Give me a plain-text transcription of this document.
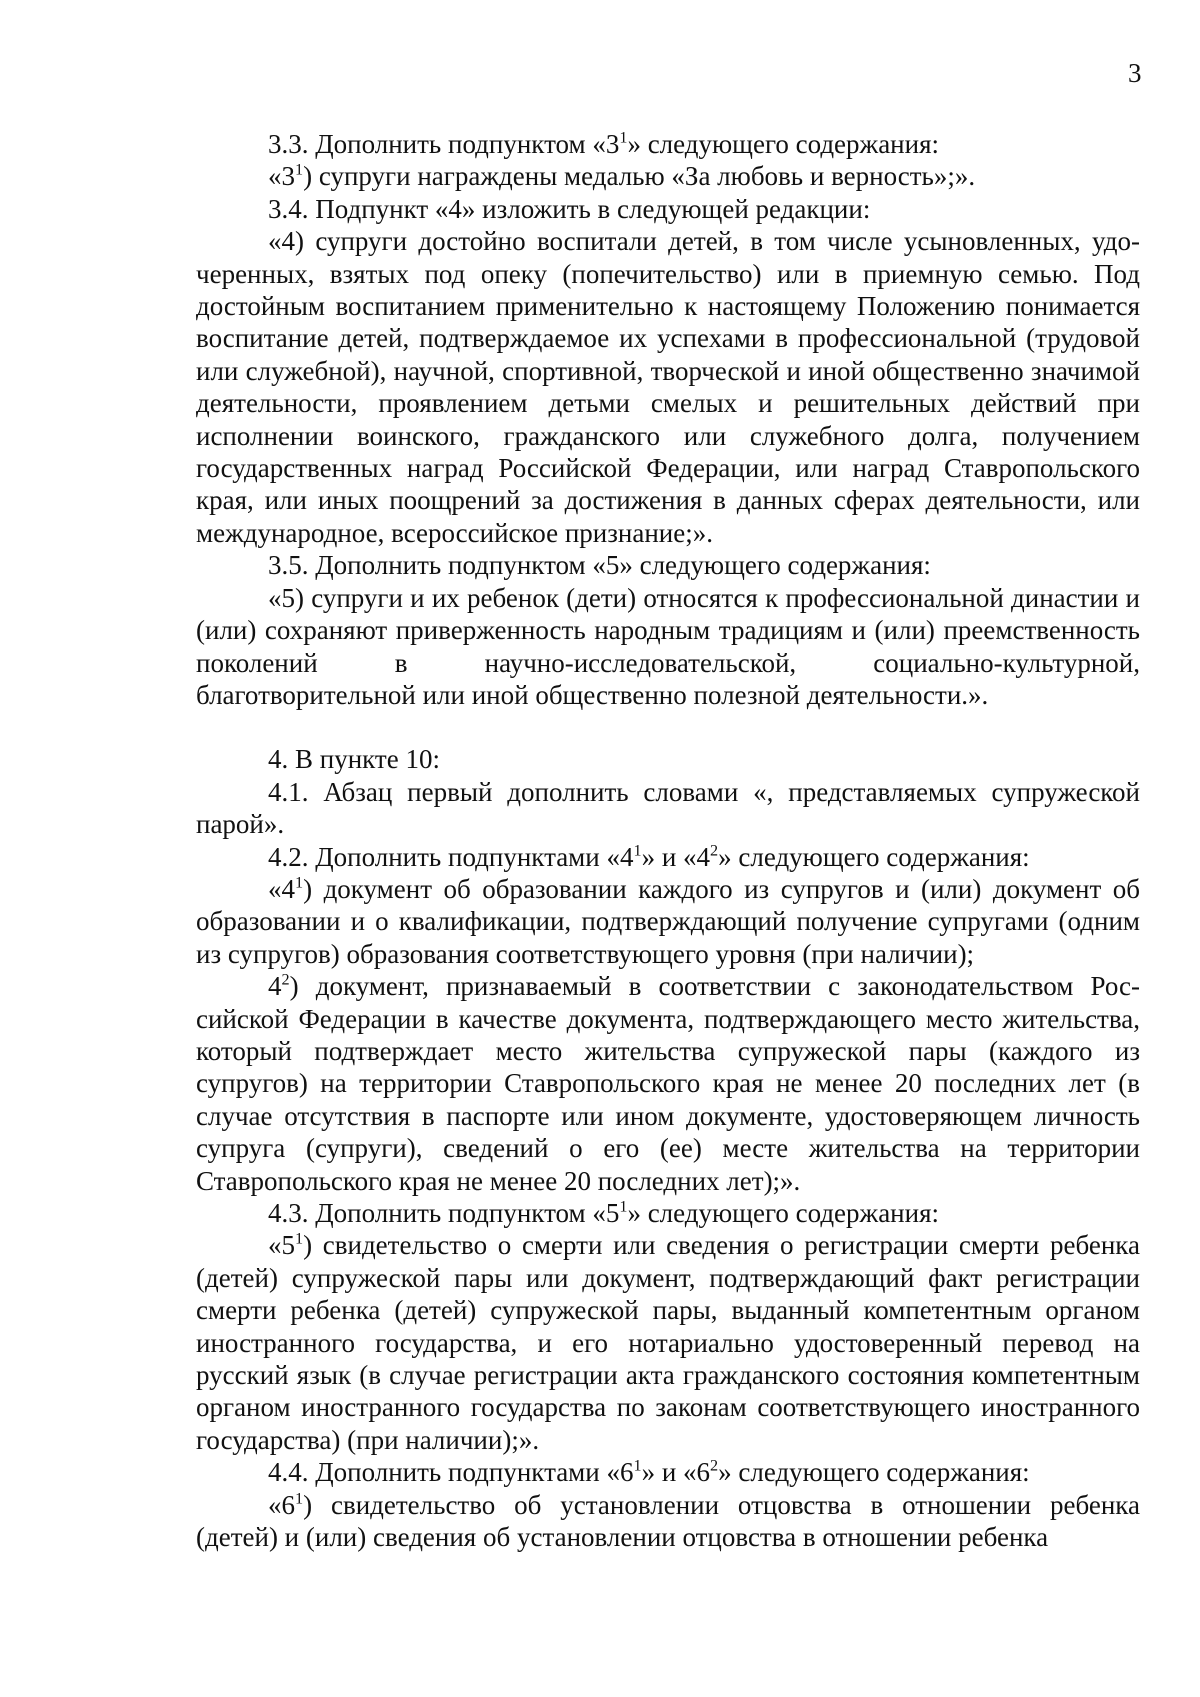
3

3.3. Дополнить подпунктом «$3^1$» следующего содержания:

«$3^1$) супруги награждены медалью «За любовь и верность»;».

3.4. Подпункт «4» изложить в следующей редакции:

«4) супруги достойно воспитали детей, в том числе усыновленных, удочеренных, взятых под опеку (попечительство) или в приемную семью. Под достойным воспитанием применительно к настоящему Положению понимается воспитание детей, подтверждаемое их успехами в профессиональной (трудовой или служебной), научной, спортивной, творческой и иной общественно значимой деятельности, проявлением детьми смелых и решительных действий при исполнении воинского, гражданского или служебного долга, получением государственных наград Российской Федерации, или наград Ставропольского края, или иных поощрений за достижения в данных сферах деятельности, или международное, всероссийское признание;».

3.5. Дополнить подпунктом «5» следующего содержания:

«5) супруги и их ребенок (дети) относятся к профессиональной династии и (или) сохраняют приверженность народным традициям и (или) преемственность поколений в научно-исследовательской, социально-культурной, благотворительной или иной общественно полезной деятельности.».

4. В пункте 10:

4.1. Абзац первый дополнить словами «, представляемых супружеской парой».

4.2. Дополнить подпунктами «$4^1$» и «$4^2$» следующего содержания:

«$4^1$) документ об образовании каждого из супругов и (или) документ об образовании и о квалификации, подтверждающий получение супругами (одним из супругов) образования соответствующего уровня (при наличии);

$4^2$) документ, признаваемый в соответствии с законодательством Российской Федерации в качестве документа, подтверждающего место жительства, который подтверждает место жительства супружеской пары (каждого из супругов) на территории Ставропольского края не менее 20 последних лет (в случае отсутствия в паспорте или ином документе, удостоверяющем личность супруга (супруги), сведений о его (ее) месте жительства на территории Ставропольского края не менее 20 последних лет);».

4.3. Дополнить подпунктом «$5^1$» следующего содержания:

«$5^1$) свидетельство о смерти или сведения о регистрации смерти ребенка (детей) супружеской пары или документ, подтверждающий факт регистрации смерти ребенка (детей) супружеской пары, выданный компетентным органом иностранного государства, и его нотариально удостоверенный перевод на русский язык (в случае регистрации акта гражданского состояния компетентным органом иностранного государства по законам соответствующего иностранного государства) (при наличии);».

4.4. Дополнить подпунктами «$6^1$» и «$6^2$» следующего содержания:

«$6^1$) свидетельство об установлении отцовства в отношении ребенка (детей) и (или) сведения об установлении отцовства в отношении ребенка
